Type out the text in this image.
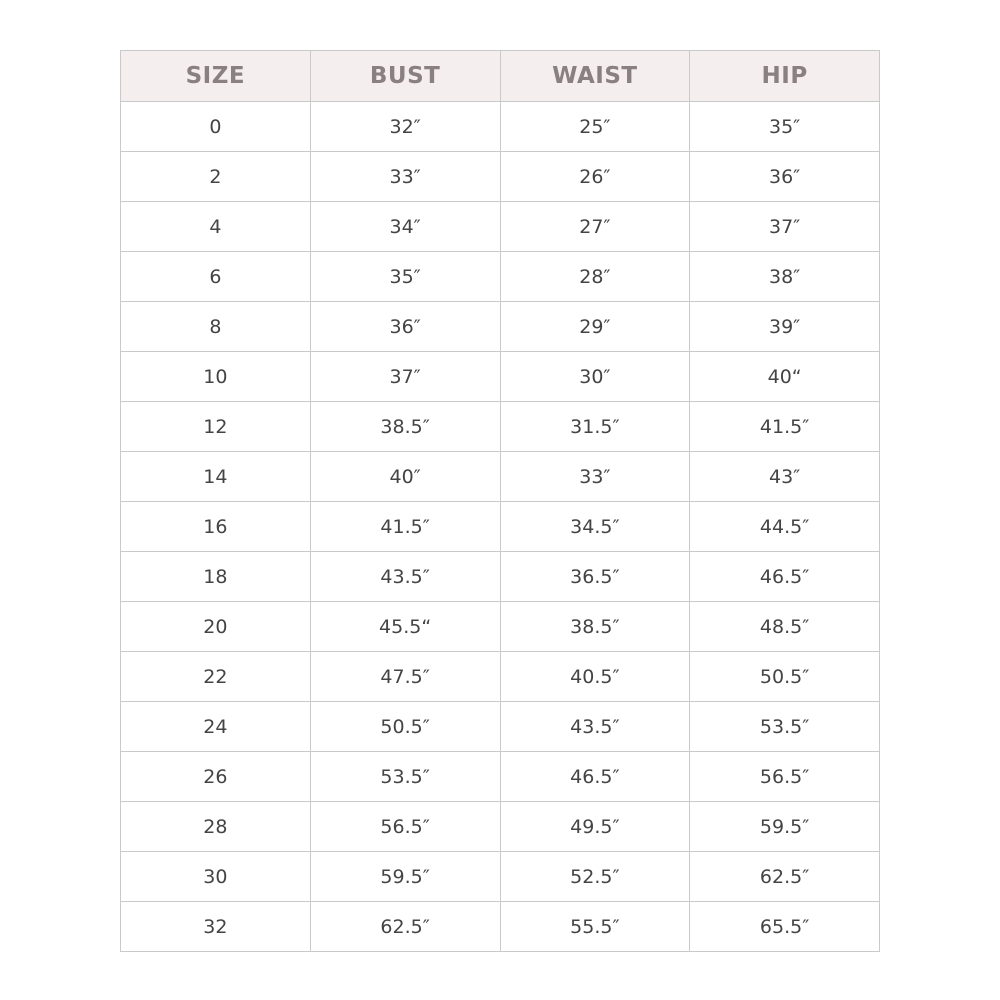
SIZE	BUST	WAIST	HIP
0	32″	25″	35″
2	33″	26″	36″
4	34″	27″	37″
6	35″	28″	38″
8	36″	29″	39″
10	37″	30″	40“
12	38.5″	31.5″	41.5″
14	40″	33″	43″
16	41.5″	34.5″	44.5″
18	43.5″	36.5″	46.5″
20	45.5“	38.5″	48.5″
22	47.5″	40.5″	50.5″
24	50.5″	43.5″	53.5″
26	53.5″	46.5″	56.5″
28	56.5″	49.5″	59.5″
30	59.5″	52.5″	62.5″
32	62.5″	55.5″	65.5″
